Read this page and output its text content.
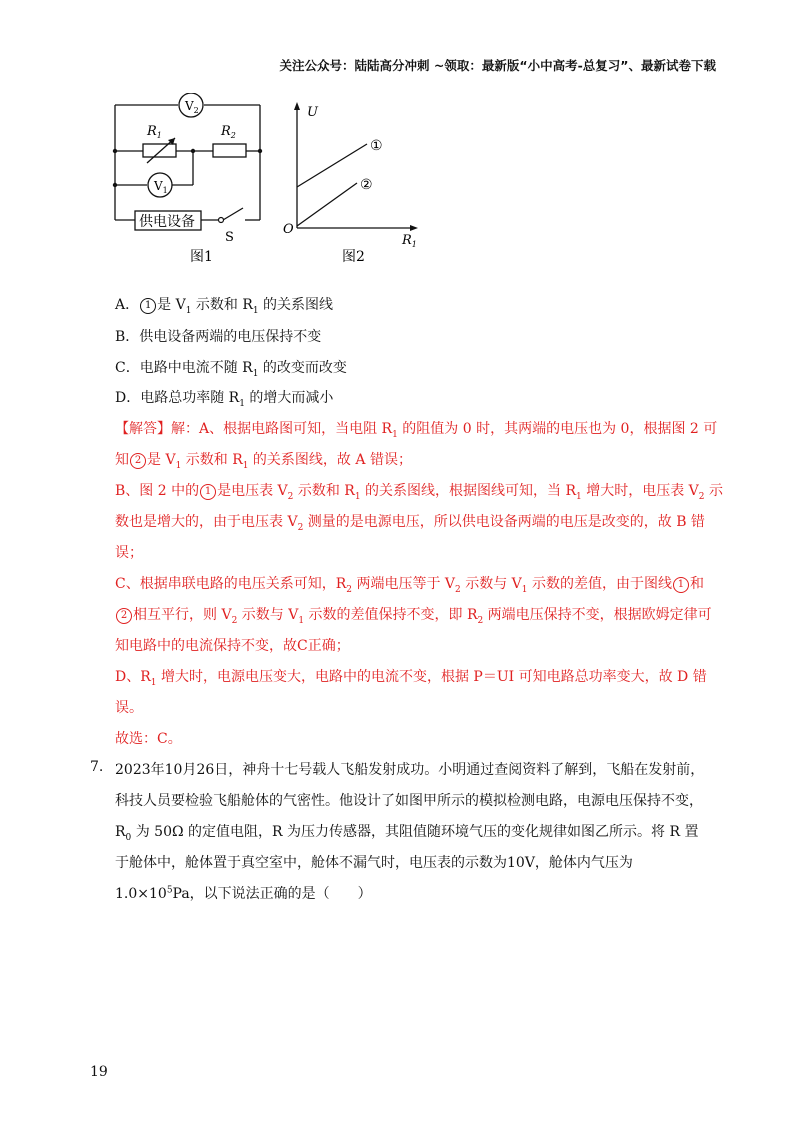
关注公众号：陆陆高分冲刺 ~领取：最新版“小中高考-总复习”、最新试卷下载
$V_2$
$V_1$
$R_1$	$R_2$
供电设备
S
U
$R_1$
O
①
②
图1	图2
A． 1 是 $V_1$ 示数和 $R_1$ 的关系图线
B．供电设备两端的电压保持不变
C．电路中电流不随 $R_1$ 的改变而改变
D．电路总功率随 $R_1$ 的增大而减小
【解答】解：A、根据电路图可知，当电阻 $R_1$ 的阻值为 0 时，其两端的电压也为 0，根据图 2 可
知 2 是 $V_1$ 示数和 $R_1$ 的关系图线，故 A 错误；
B、图 2 中的 1 是电压表 $V_2$ 示数和 $R_1$ 的关系图线，根据图线可知，当 $R_1$ 增大时，电压表 $V_2$ 示
数也是增大的，由于电压表 $V_2$ 测量的是电源电压，所以供电设备两端的电压是改变的，故 B 错
误；
C、根据串联电路的电压关系可知，$R_2$ 两端电压等于 $V_2$ 示数与 $V_1$ 示数的差值，由于图线 1 和
2 相互平行，则 $V_2$ 示数与 $V_1$ 示数的差值保持不变，即 $R_2$ 两端电压保持不变，根据欧姆定律可
知电路中的电流保持不变，故C正确；
D、$R_1$ 增大时，电源电压变大，电路中的电流不变，根据 P＝UI 可知电路总功率变大，故 D 错
误。
故选：C。
7. 2023年10月26日，神舟十七号载人飞船发射成功。小明通过查阅资料了解到，飞船在发射前，
科技人员要检验飞船舱体的气密性。他设计了如图甲所示的模拟检测电路，电源电压保持不变，
$R_0$ 为 50Ω 的定值电阻，R 为压力传感器，其阻值随环境气压的变化规律如图乙所示。将 R 置
于舱体中，舱体置于真空室中，舱体不漏气时，电压表的示数为10V，舱体内气压为
$1.0\times 10^5Pa$，以下说法正确的是（　　）
19
